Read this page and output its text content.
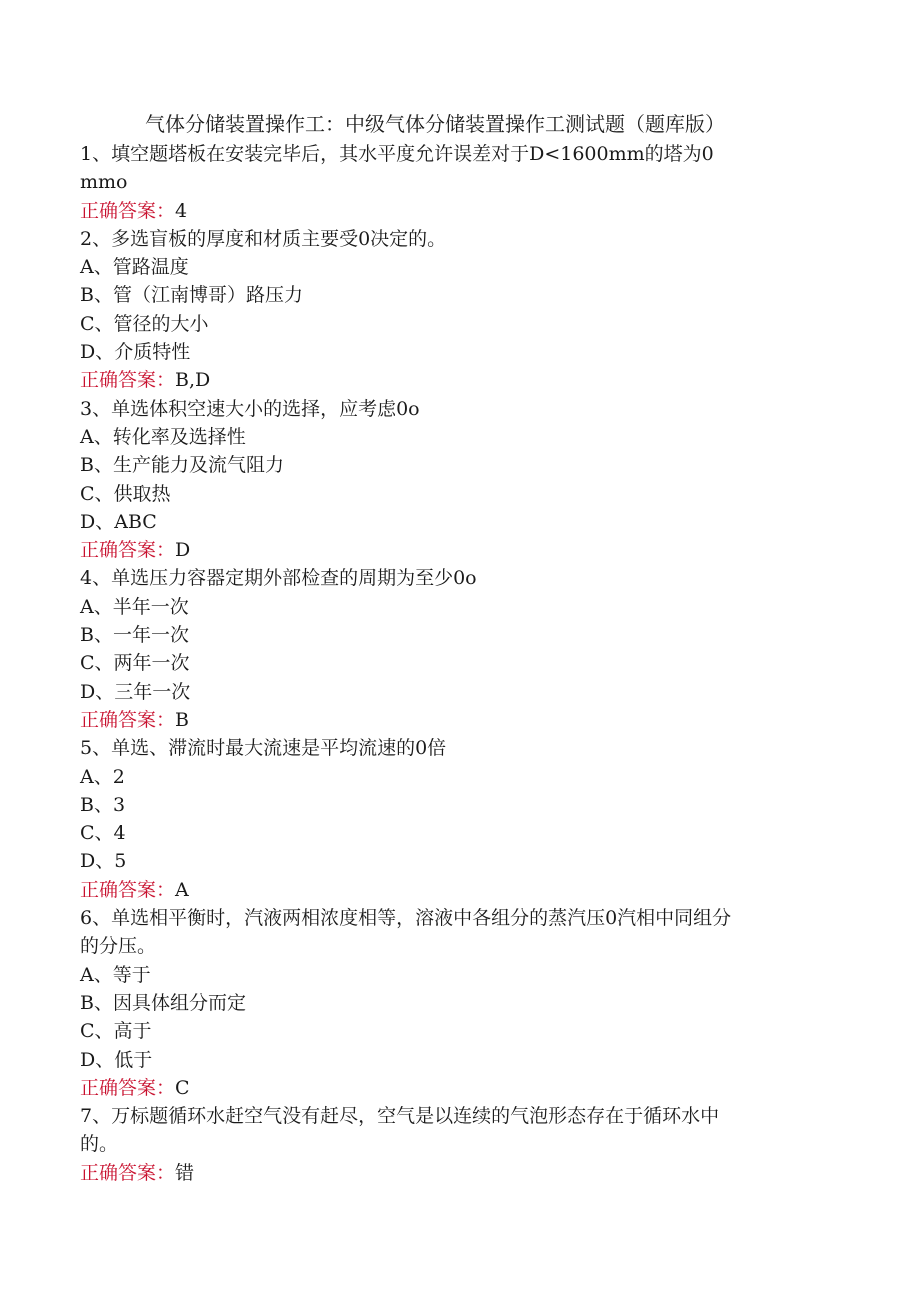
气体分储装置操作工：中级气体分储装置操作工测试题（题库版）
1、填空题塔板在安装完毕后，其水平度允许误差对于D<1600mm的塔为0
mmo
正确答案：4
2、多选盲板的厚度和材质主要受0决定的。
A、管路温度
B、管（江南博哥）路压力
C、管径的大小
D、介质特性
正确答案：B,D
3、单选体积空速大小的选择，应考虑0o
A、转化率及选择性
B、生产能力及流气阻力
C、供取热
D、ABC
正确答案：D
4、单选压力容器定期外部检查的周期为至少0o
A、半年一次
B、一年一次
C、两年一次
D、三年一次
正确答案：B
5、单选、滞流时最大流速是平均流速的0倍
A、2
B、3
C、4
D、5
正确答案：A
6、单选相平衡时，汽液两相浓度相等，溶液中各组分的蒸汽压0汽相中同组分
的分压。
A、等于
B、因具体组分而定
C、高于
D、低于
正确答案：C
7、万标题循环水赶空气没有赶尽，空气是以连续的气泡形态存在于循环水中
的。
正确答案：错
